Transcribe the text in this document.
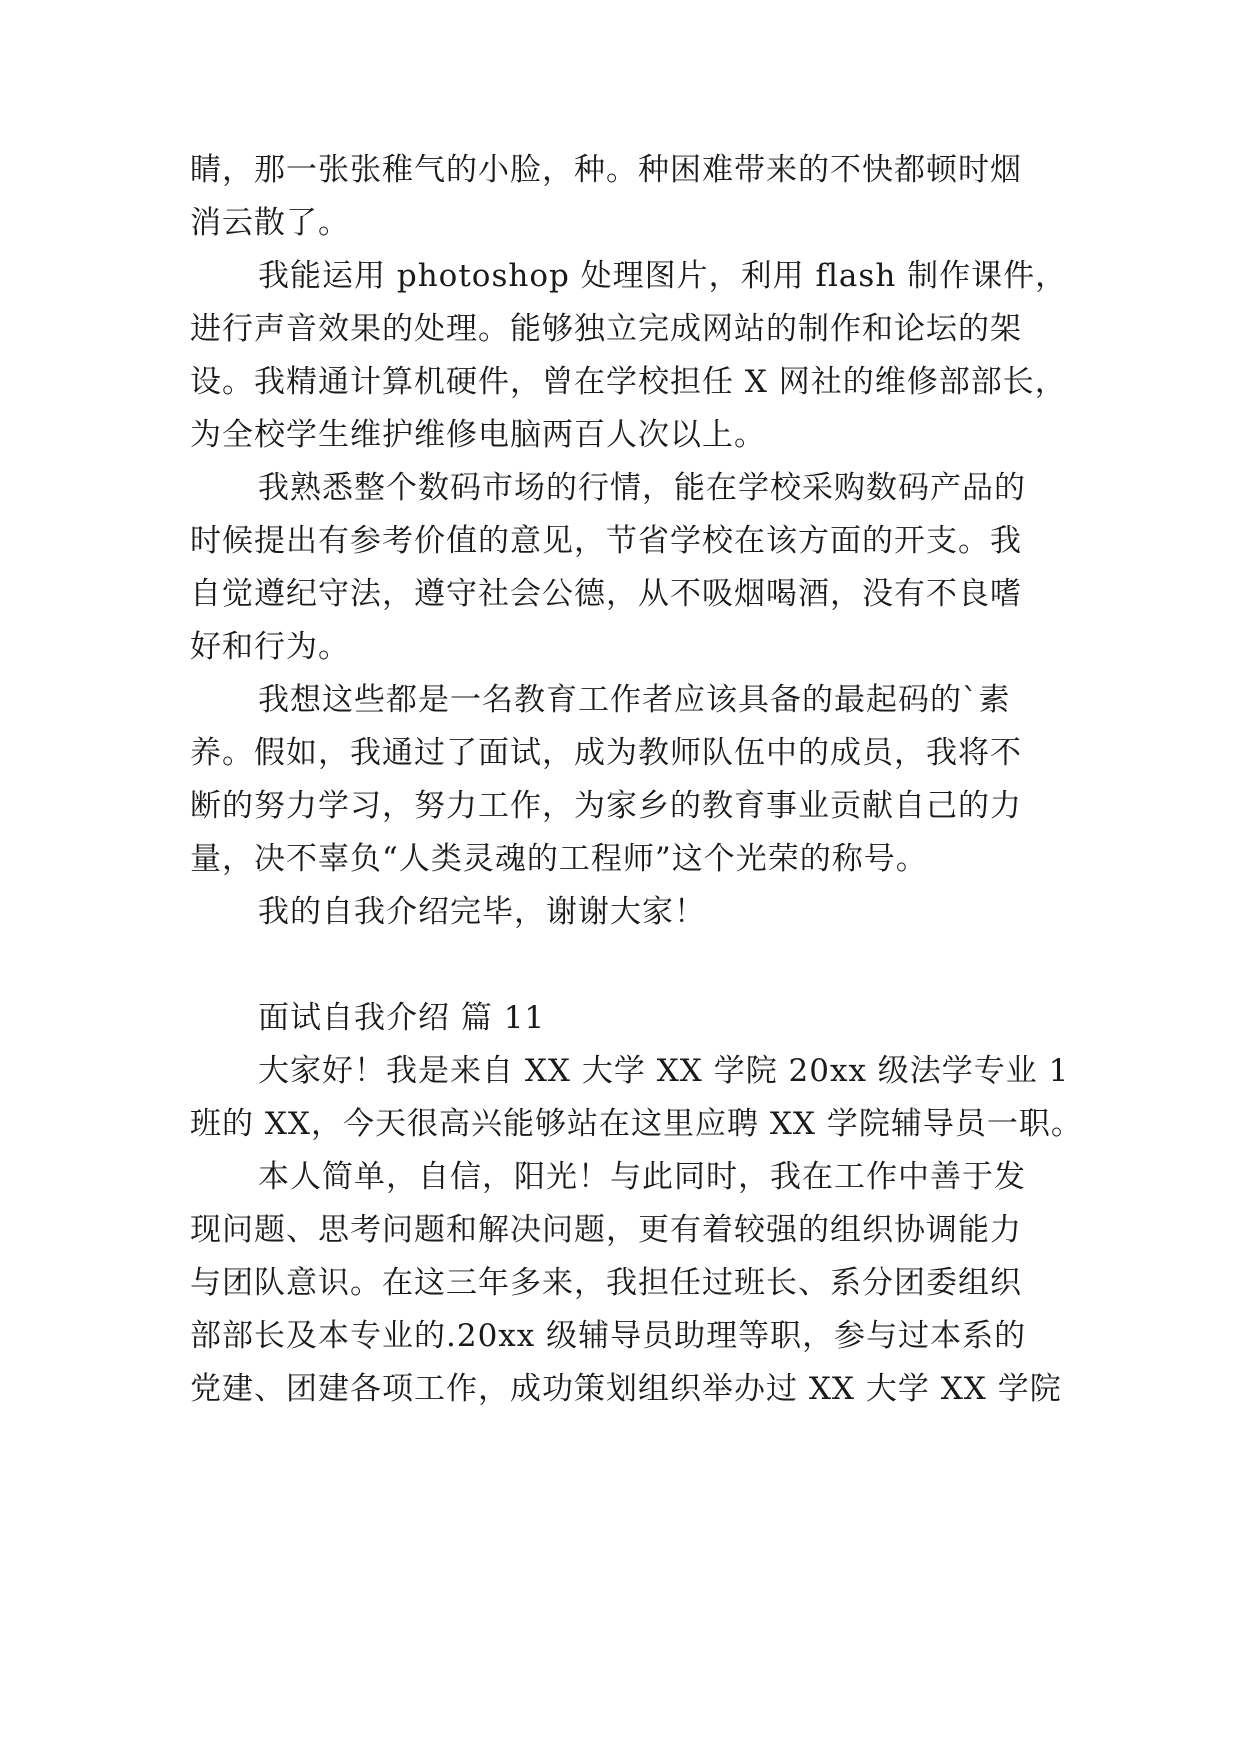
睛，那一张张稚气的小脸，种。种困难带来的不快都顿时烟
消云散了。
我能运用 photoshop 处理图片，利用 flash 制作课件，
进行声音效果的处理。能够独立完成网站的制作和论坛的架
设。我精通计算机硬件，曾在学校担任 X 网社的维修部部长，
为全校学生维护维修电脑两百人次以上。
我熟悉整个数码市场的行情，能在学校采购数码产品的
时候提出有参考价值的意见，节省学校在该方面的开支。我
自觉遵纪守法，遵守社会公德，从不吸烟喝酒，没有不良嗜
好和行为。
我想这些都是一名教育工作者应该具备的最起码的`素
养。假如，我通过了面试，成为教师队伍中的成员，我将不
断的努力学习，努力工作，为家乡的教育事业贡献自己的力
量，决不辜负“人类灵魂的工程师”这个光荣的称号。
我的自我介绍完毕，谢谢大家！
面试自我介绍 篇 11
大家好！我是来自 XX 大学 XX 学院 20xx 级法学专业 1
班的 XX，今天很高兴能够站在这里应聘 XX 学院辅导员一职。
本人简单，自信，阳光！与此同时，我在工作中善于发
现问题、思考问题和解决问题，更有着较强的组织协调能力
与团队意识。在这三年多来，我担任过班长、系分团委组织
部部长及本专业的.20xx 级辅导员助理等职，参与过本系的
党建、团建各项工作，成功策划组织举办过 XX 大学 XX 学院
